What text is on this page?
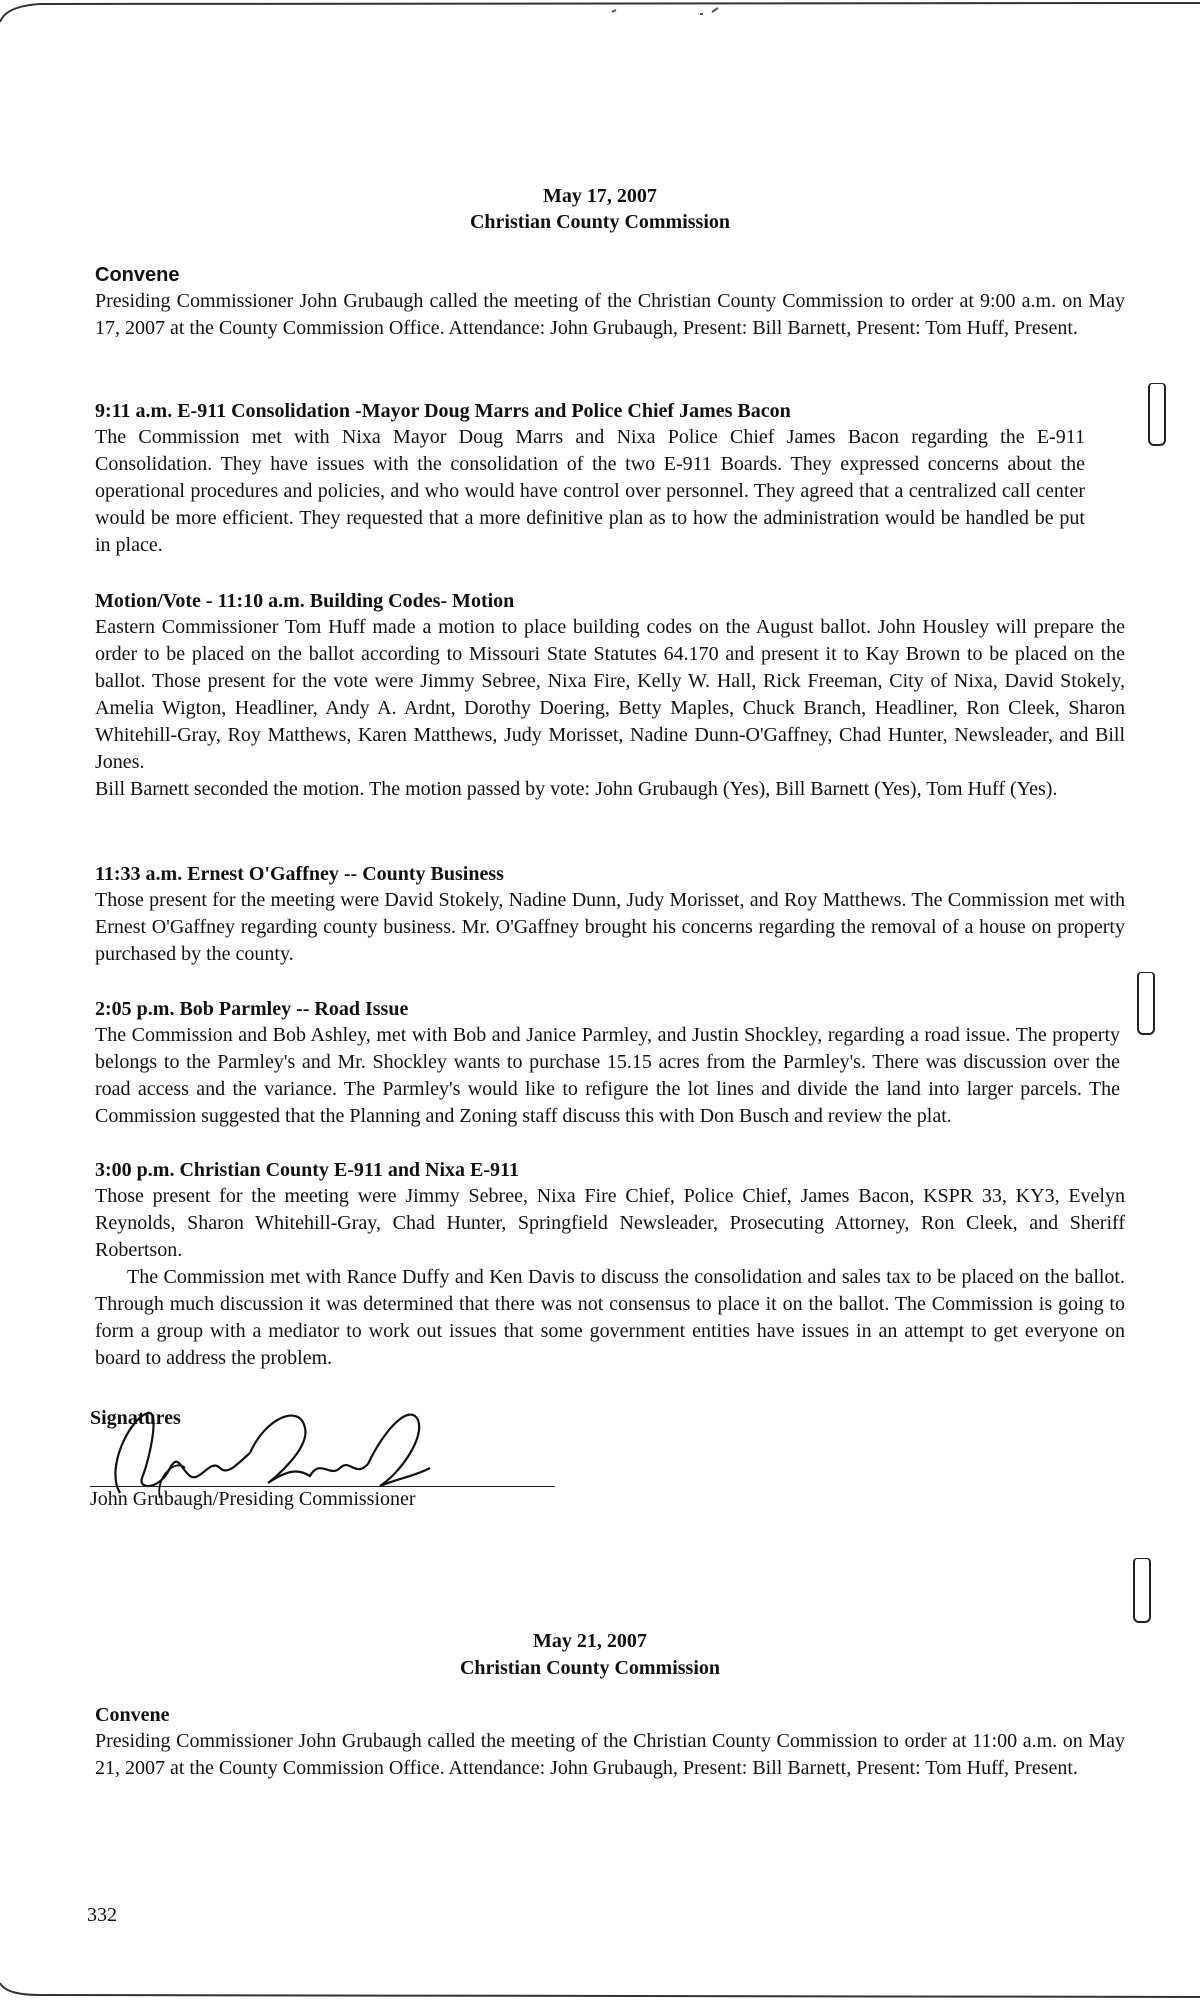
May 17, 2007
Christian County Commission

Convene

Presiding Commissioner John Grubaugh called the meeting of the Christian County Commission to order at 9:00 a.m. on May 17, 2007 at the County Commission Office. Attendance: John Grubaugh, Present: Bill Barnett, Present: Tom Huff, Present.

9:11 a.m. E-911 Consolidation -Mayor Doug Marrs and Police Chief James Bacon

The Commission met with Nixa Mayor Doug Marrs and Nixa Police Chief James Bacon regarding the E-911 Consolidation. They have issues with the consolidation of the two E-911 Boards. They expressed concerns about the operational procedures and policies, and who would have control over personnel. They agreed that a centralized call center would be more efficient. They requested that a more definitive plan as to how the administration would be handled be put in place.

Motion/Vote - 11:10 a.m. Building Codes- Motion

Eastern Commissioner Tom Huff made a motion to place building codes on the August ballot. John Housley will prepare the order to be placed on the ballot according to Missouri State Statutes 64.170 and present it to Kay Brown to be placed on the ballot. Those present for the vote were Jimmy Sebree, Nixa Fire, Kelly W. Hall, Rick Freeman, City of Nixa, David Stokely, Amelia Wigton, Headliner, Andy A. Ardnt, Dorothy Doering, Betty Maples, Chuck Branch, Headliner, Ron Cleek, Sharon Whitehill-Gray, Roy Matthews, Karen Matthews, Judy Morisset, Nadine Dunn-O'Gaffney, Chad Hunter, Newsleader, and Bill Jones.

Bill Barnett seconded the motion. The motion passed by vote: John Grubaugh (Yes), Bill Barnett (Yes), Tom Huff (Yes).

11:33 a.m. Ernest O'Gaffney -- County Business

Those present for the meeting were David Stokely, Nadine Dunn, Judy Morisset, and Roy Matthews. The Commission met with Ernest O'Gaffney regarding county business. Mr. O'Gaffney brought his concerns regarding the removal of a house on property purchased by the county.

2:05 p.m. Bob Parmley -- Road Issue

The Commission and Bob Ashley, met with Bob and Janice Parmley, and Justin Shockley, regarding a road issue. The property belongs to the Parmley's and Mr. Shockley wants to purchase 15.15 acres from the Parmley's. There was discussion over the road access and the variance. The Parmley's would like to refigure the lot lines and divide the land into larger parcels. The Commission suggested that the Planning and Zoning staff discuss this with Don Busch and review the plat.

3:00 p.m. Christian County E-911 and Nixa E-911

Those present for the meeting were Jimmy Sebree, Nixa Fire Chief, Police Chief, James Bacon, KSPR 33, KY3, Evelyn Reynolds, Sharon Whitehill-Gray, Chad Hunter, Springfield Newsleader, Prosecuting Attorney, Ron Cleek, and Sheriff Robertson.

The Commission met with Rance Duffy and Ken Davis to discuss the consolidation and sales tax to be placed on the ballot. Through much discussion it was determined that there was not consensus to place it on the ballot. The Commission is going to form a group with a mediator to work out issues that some government entities have issues in an attempt to get everyone on board to address the problem.

Signatures
John Grubaugh/Presiding Commissioner
May 21, 2007
Christian County Commission

Convene

Presiding Commissioner John Grubaugh called the meeting of the Christian County Commission to order at 11:00 a.m. on May 21, 2007 at the County Commission Office. Attendance: John Grubaugh, Present: Bill Barnett, Present: Tom Huff, Present.

332
